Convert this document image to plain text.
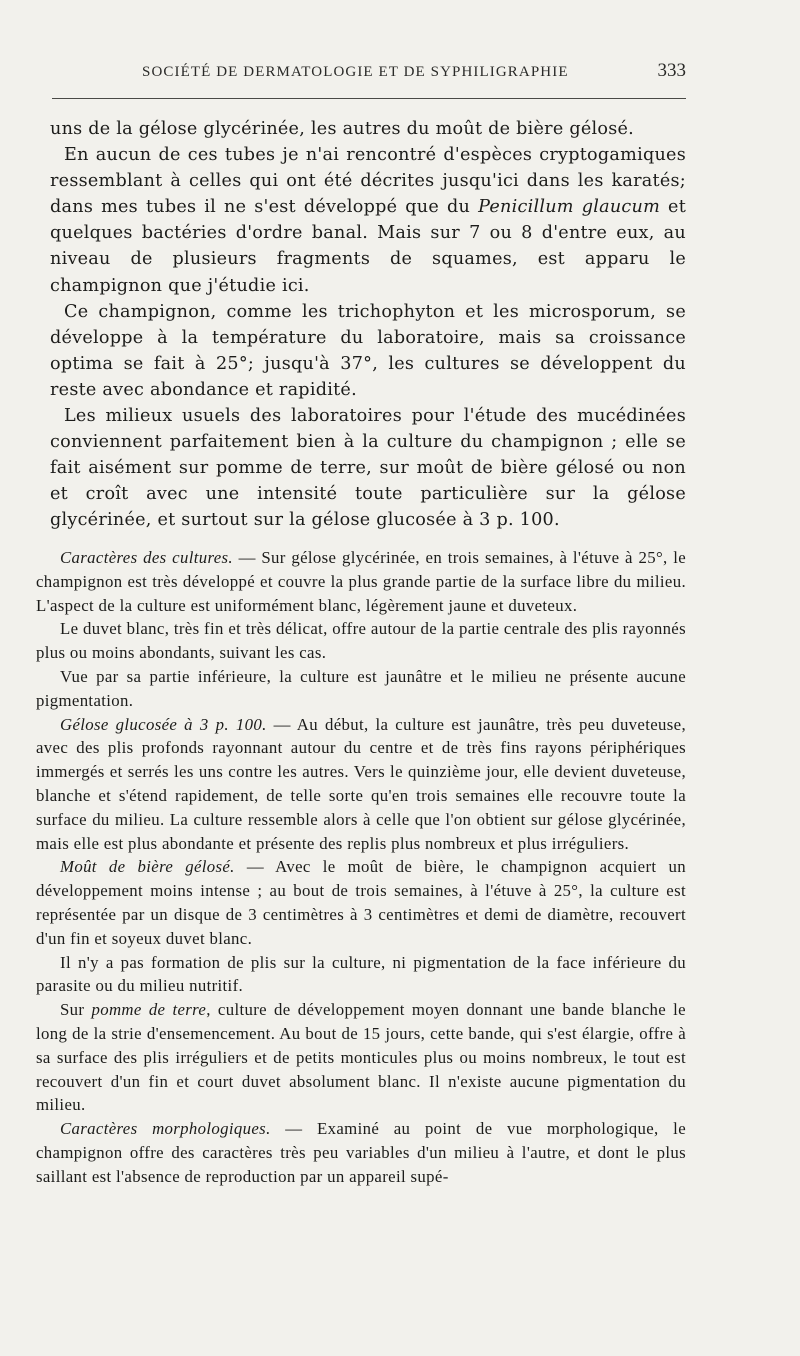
SOCIÉTÉ DE DERMATOLOGIE ET DE SYPHILIGRAPHIE	333

uns de la gélose glycérinée, les autres du moût de bière gélosé.

En aucun de ces tubes je n'ai rencontré d'espèces cryptogamiques ressemblant à celles qui ont été décrites jusqu'ici dans les karatés; dans mes tubes il ne s'est développé que du Penicillum glaucum et quelques bactéries d'ordre banal. Mais sur 7 ou 8 d'entre eux, au niveau de plusieurs fragments de squames, est apparu le champignon que j'étudie ici.

Ce champignon, comme les trichophyton et les microsporum, se développe à la température du laboratoire, mais sa croissance optima se fait à 25°; jusqu'à 37°, les cultures se développent du reste avec abondance et rapidité.

Les milieux usuels des laboratoires pour l'étude des mucédinées conviennent parfaitement bien à la culture du champignon ; elle se fait aisément sur pomme de terre, sur moût de bière gélosé ou non et croît avec une intensité toute particulière sur la gélose glycérinée, et surtout sur la gélose glucosée à 3 p. 100.

Caractères des cultures. — Sur gélose glycérinée, en trois semaines, à l'étuve à 25°, le champignon est très développé et couvre la plus grande partie de la surface libre du milieu. L'aspect de la culture est uniformément blanc, légèrement jaune et duveteux.

Le duvet blanc, très fin et très délicat, offre autour de la partie centrale des plis rayonnés plus ou moins abondants, suivant les cas.

Vue par sa partie inférieure, la culture est jaunâtre et le milieu ne présente aucune pigmentation.

Gélose glucosée à 3 p. 100. — Au début, la culture est jaunâtre, très peu duveteuse, avec des plis profonds rayonnant autour du centre et de très fins rayons périphériques immergés et serrés les uns contre les autres. Vers le quinzième jour, elle devient duveteuse, blanche et s'étend rapidement, de telle sorte qu'en trois semaines elle recouvre toute la surface du milieu. La culture ressemble alors à celle que l'on obtient sur gélose glycérinée, mais elle est plus abondante et présente des replis plus nombreux et plus irréguliers.

Moût de bière gélosé. — Avec le moût de bière, le champignon acquiert un développement moins intense ; au bout de trois semaines, à l'étuve à 25°, la culture est représentée par un disque de 3 centimètres à 3 centimètres et demi de diamètre, recouvert d'un fin et soyeux duvet blanc.

Il n'y a pas formation de plis sur la culture, ni pigmentation de la face inférieure du parasite ou du milieu nutritif.

Sur pomme de terre, culture de développement moyen donnant une bande blanche le long de la strie d'ensemencement. Au bout de 15 jours, cette bande, qui s'est élargie, offre à sa surface des plis irréguliers et de petits monticules plus ou moins nombreux, le tout est recouvert d'un fin et court duvet absolument blanc. Il n'existe aucune pigmentation du milieu.

Caractères morphologiques. — Examiné au point de vue morphologique, le champignon offre des caractères très peu variables d'un milieu à l'autre, et dont le plus saillant est l'absence de reproduction par un appareil supé-
